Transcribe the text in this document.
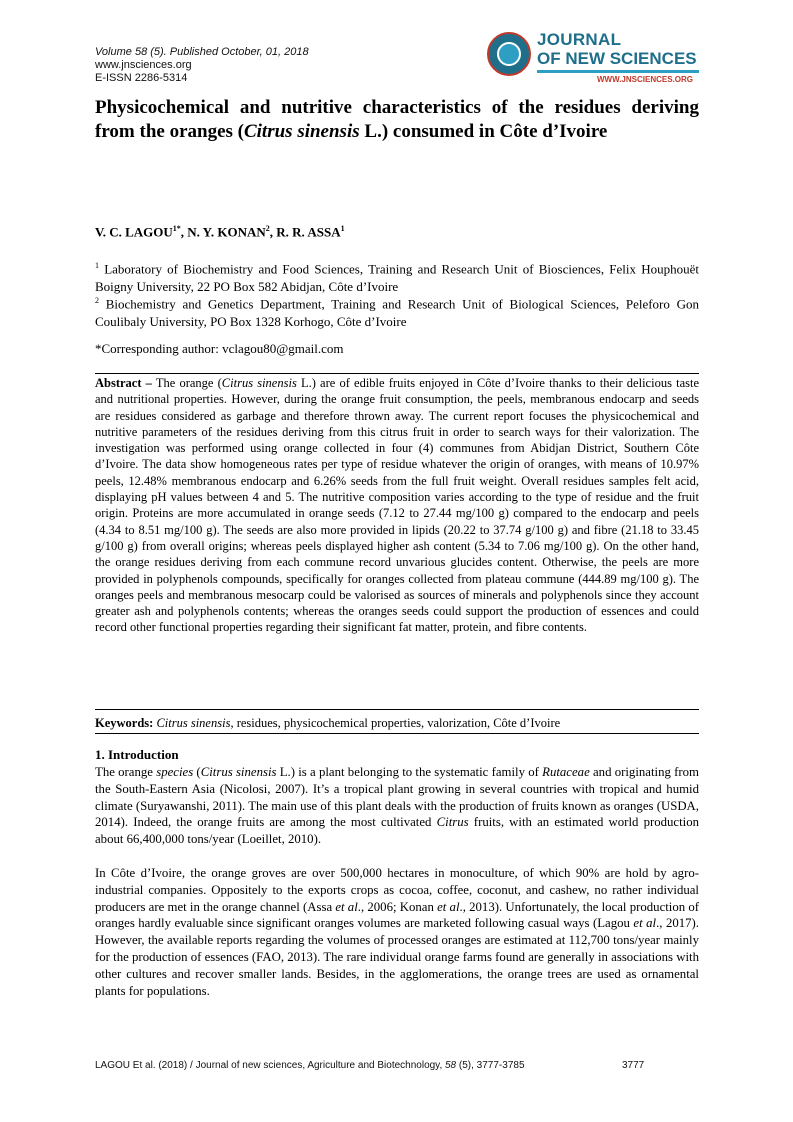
Volume 58 (5). Published October, 01, 2018
www.jnsciences.org
E-ISSN 2286-5314
JOURNAL
OF NEW SCIENCES
WWW.JNSCIENCES.ORG
Physicochemical and nutritive characteristics of the residues deriving from the oranges (Citrus sinensis L.) consumed in Côte d’Ivoire

V. C. $LAGOU^{1*}$, N. Y. KONAN$^2$, R. R. ASSA$^1$

$^1$ Laboratory of Biochemistry and Food Sciences, Training and Research Unit of Biosciences, Felix Houphouët Boigny University, 22 PO Box 582 Abidjan, Côte d’Ivoire

$^2$ Biochemistry and Genetics Department, Training and Research Unit of Biological Sciences, Peleforo Gon Coulibaly University, PO Box 1328 Korhogo, Côte d’Ivoire

*Corresponding author: vclagou80@gmail.com

Abstract – The orange (Citrus sinensis L.) are of edible fruits enjoyed in Côte d’Ivoire thanks to their delicious taste and nutritional properties. However, during the orange fruit consumption, the peels, membranous endocarp and seeds are residues considered as garbage and therefore thrown away. The current report focuses the physicochemical and nutritive parameters of the residues deriving from this citrus fruit in order to search ways for their valorization. The investigation was performed using orange collected in four (4) communes from Abidjan District, Southern Côte d’Ivoire. The data show homogeneous rates per type of residue whatever the origin of oranges, with means of 10.97% peels, 12.48% membranous endocarp and 6.26% seeds from the full fruit weight. Overall residues samples felt acid, displaying pH values between 4 and 5. The nutritive composition varies according to the type of residue and the fruit origin. Proteins are more accumulated in orange seeds (7.12 to 27.44 mg/100 g) compared to the endocarp and peels (4.34 to 8.51 mg/100 g). The seeds are also more provided in lipids (20.22 to 37.74 g/100 g) and fibre (21.18 to 33.45 g/100 g) from overall origins; whereas peels displayed higher ash content (5.34 to 7.06 mg/100 g). On the other hand, the orange residues deriving from each commune record unvarious glucides content. Otherwise, the peels are more provided in polyphenols compounds, specifically for oranges collected from plateau commune (444.89 mg/100 g). The oranges peels and membranous mesocarp could be valorised as sources of minerals and polyphenols since they account greater ash and polyphenols contents; whereas the oranges seeds could support the production of essences and could record other functional properties regarding their significant fat matter, protein, and fibre contents.

Keywords: Citrus sinensis, residues, physicochemical properties, valorization, Côte d’Ivoire

1. Introduction

The orange species (Citrus sinensis L.) is a plant belonging to the systematic family of Rutaceae and originating from the South-Eastern Asia (Nicolosi, 2007). It’s a tropical plant growing in several countries with tropical and humid climate (Suryawanshi, 2011). The main use of this plant deals with the production of fruits known as oranges (USDA, 2014). Indeed, the orange fruits are among the most cultivated Citrus fruits, with an estimated world production about 66,400,000 tons/year (Loeillet, 2010).

In Côte d’Ivoire, the orange groves are over 500,000 hectares in monoculture, of which 90% are hold by agro-industrial companies. Oppositely to the exports crops as cocoa, coffee, coconut, and cashew, no rather individual producers are met in the orange channel (Assa et al., 2006; Konan et al., 2013). Unfortunately, the local production of oranges hardly evaluable since significant oranges volumes are marketed following casual ways (Lagou et al., 2017). However, the available reports regarding the volumes of processed oranges are estimated at 112,700 tons/year mainly for the production of essences (FAO, 2013). The rare individual orange farms found are generally in associations with other cultures and recover smaller lands. Besides, in the agglomerations, the orange trees are used as ornamental plants for populations.

LAGOU Et al. (2018) / Journal of new sciences, Agriculture and Biotechnology, 58 (5), 3777-3785	3777
